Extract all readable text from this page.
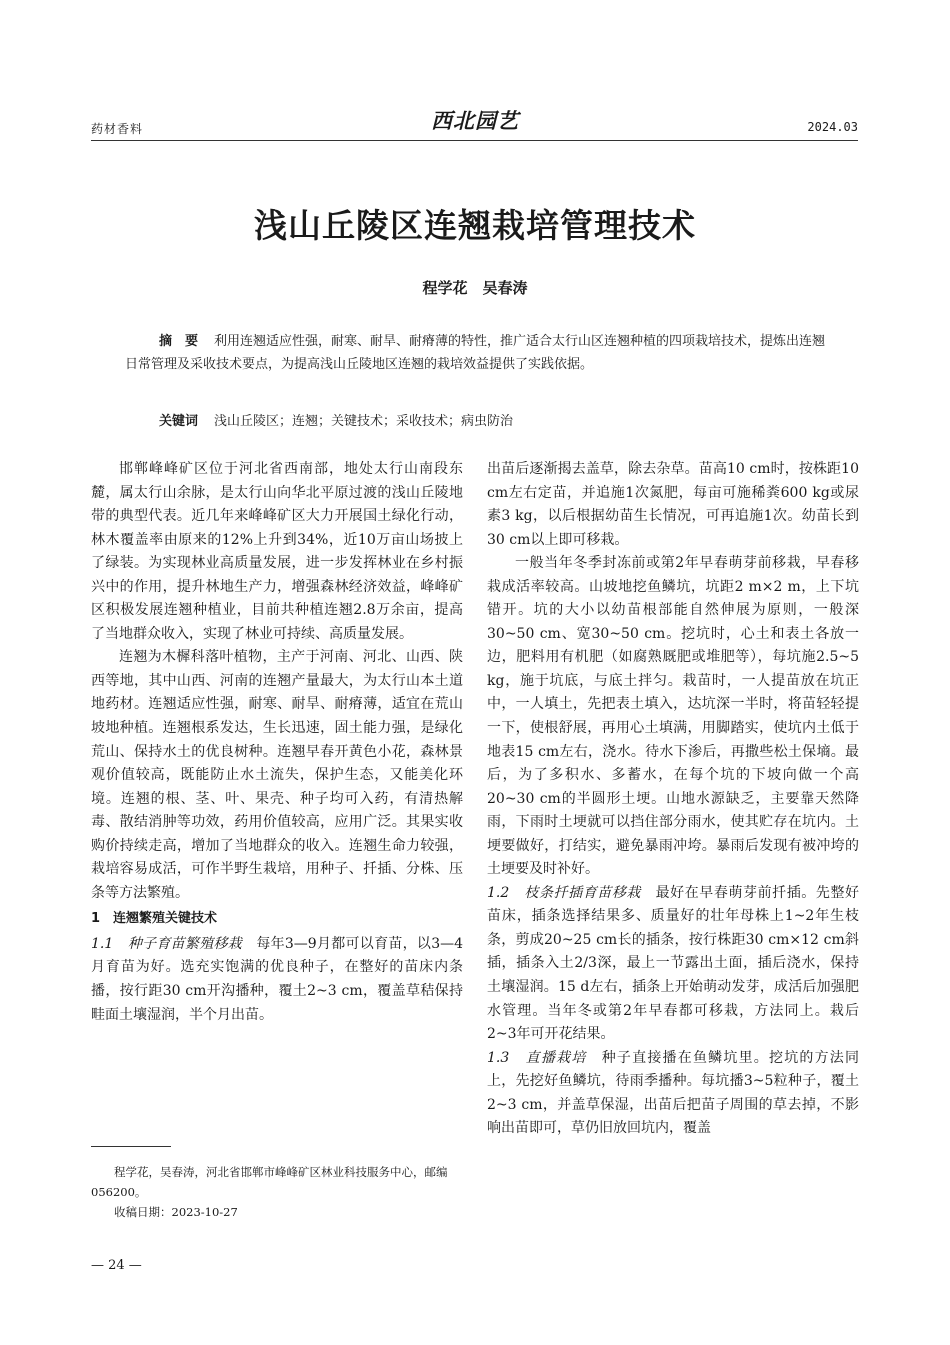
药材香料	西北园艺	2024.03
浅山丘陵区连翘栽培管理技术
程学花　吴春涛
摘　要 利用连翘适应性强，耐寒、耐旱、耐瘠薄的特性，推广适合太行山区连翘种植的四项栽培技术，提炼出连翘日常管理及采收技术要点，为提高浅山丘陵地区连翘的栽培效益提供了实践依据。
关键词 浅山丘陵区；连翘；关键技术；采收技术；病虫防治

邯郸峰峰矿区位于河北省西南部，地处太行山南段东麓，属太行山余脉，是太行山向华北平原过渡的浅山丘陵地带的典型代表。近几年来峰峰矿区大力开展国土绿化行动，林木覆盖率由原来的12%上升到34%，近10万亩山场披上了绿装。为实现林业高质量发展，进一步发挥林业在乡村振兴中的作用，提升林地生产力，增强森林经济效益，峰峰矿区积极发展连翘种植业，目前共种植连翘2.8万余亩，提高了当地群众收入，实现了林业可持续、高质量发展。

连翘为木樨科落叶植物，主产于河南、河北、山西、陕西等地，其中山西、河南的连翘产量最大，为太行山本土道地药材。连翘适应性强，耐寒、耐旱、耐瘠薄，适宜在荒山坡地种植。连翘根系发达，生长迅速，固土能力强，是绿化荒山、保持水土的优良树种。连翘早春开黄色小花，森林景观价值较高，既能防止水土流失，保护生态，又能美化环境。连翘的根、茎、叶、果壳、种子均可入药，有清热解毒、散结消肿等功效，药用价值较高，应用广泛。其果实收购价持续走高，增加了当地群众的收入。连翘生命力较强，栽培容易成活，可作半野生栽培，用种子、扦插、分株、压条等方法繁殖。

1　连翘繁殖关键技术

1.1　种子育苗繁殖移栽　 每年3—9月都可以育苗，以3—4月育苗为好。选充实饱满的优良种子，在整好的苗床内条播，按行距30 cm开沟播种，覆土2~3 cm，覆盖草秸保持畦面土壤湿润，半个月出苗。

出苗后逐渐揭去盖草，除去杂草。苗高10 cm时，按株距10 cm左右定苗，并追施1次氮肥，每亩可施稀粪600 kg或尿素3 kg，以后根据幼苗生长情况，可再追施1次。幼苗长到30 cm以上即可移栽。

一般当年冬季封冻前或第2年早春萌芽前移栽，早春移栽成活率较高。山坡地挖鱼鳞坑，坑距2 m×2 m，上下坑错开。坑的大小以幼苗根部能自然伸展为原则，一般深30~50 cm、宽30~50 cm。挖坑时，心土和表土各放一边，肥料用有机肥（如腐熟厩肥或堆肥等），每坑施2.5~5 kg，施于坑底，与底土拌匀。栽苗时，一人提苗放在坑正中，一人填土，先把表土填入，达坑深一半时，将苗轻轻提一下，使根舒展，再用心土填满，用脚踏实，使坑内土低于地表15 cm左右，浇水。待水下渗后，再撒些松土保墒。最后，为了多积水、多蓄水，在每个坑的下坡向做一个高20~30 cm的半圆形土埂。山地水源缺乏，主要靠天然降雨，下雨时土埂就可以挡住部分雨水，使其贮存在坑内。土埂要做好，打结实，避免暴雨冲垮。暴雨后发现有被冲垮的土埂要及时补好。

1.2　枝条扦插育苗移栽　 最好在早春萌芽前扦插。先整好苗床，插条选择结果多、质量好的壮年母株上1~2年生枝条，剪成20~25 cm长的插条，按行株距30 cm×12 cm斜插，插条入土2/3深，最上一节露出土面，插后浇水，保持土壤湿润。15 d左右，插条上开始萌动发芽，成活后加强肥水管理。当年冬或第2年早春都可移栽，方法同上。栽后2~3年可开花结果。

1.3　直播栽培　 种子直接播在鱼鳞坑里。挖坑的方法同上，先挖好鱼鳞坑，待雨季播种。每坑播3~5粒种子，覆土2~3 cm，并盖草保湿，出苗后把苗子周围的草去掉，不影响出苗即可，草仍旧放回坑内，覆盖

程学花，吴春涛，河北省邯郸市峰峰矿区林业科技服务中心，邮编056200。

收稿日期：2023-10-27

— 24 —
